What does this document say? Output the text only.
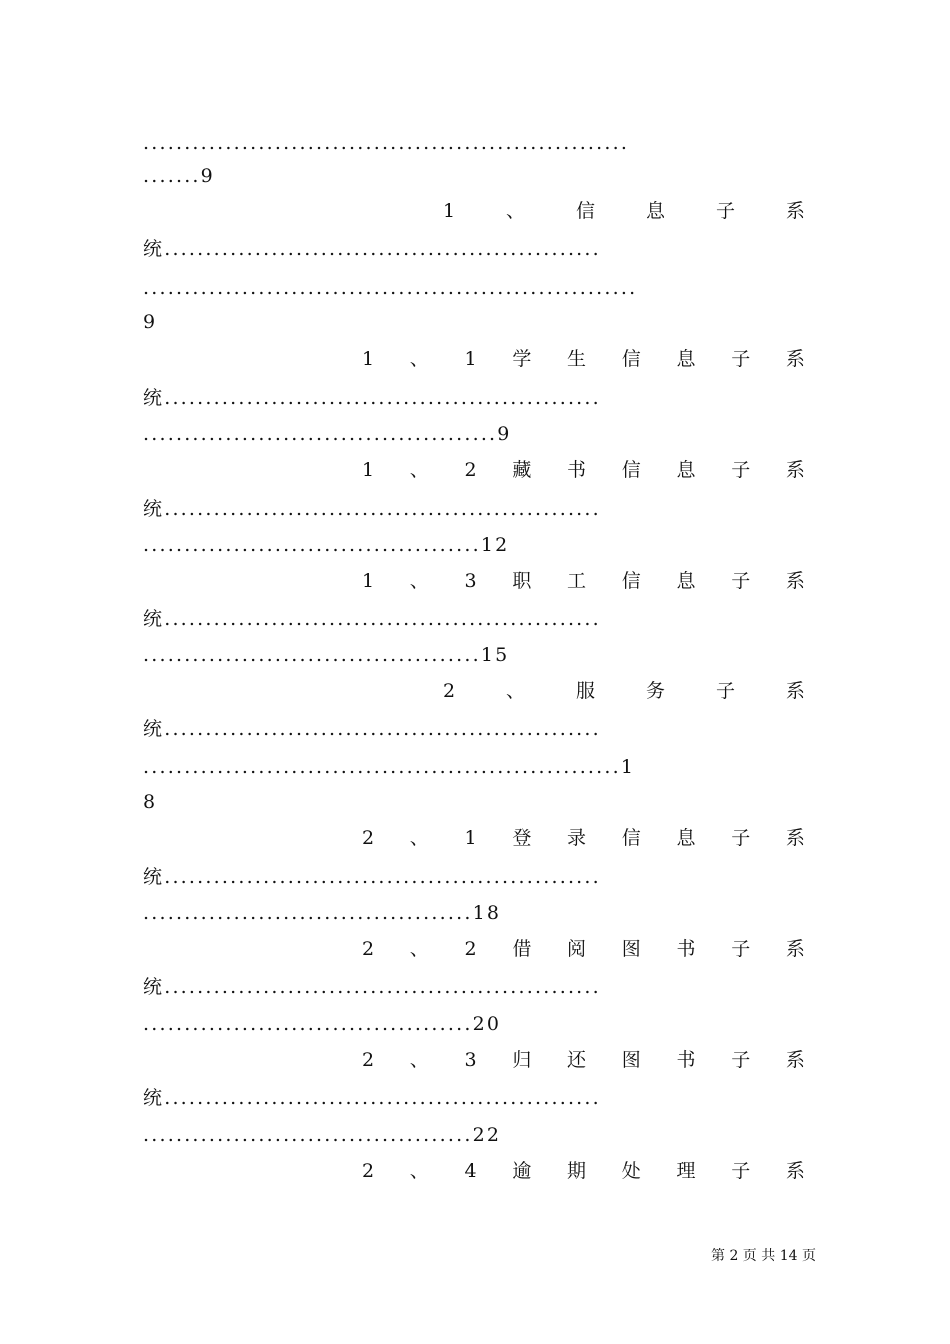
...........................................................
.......9
1	、	信	息	子	系
统.....................................................
............................................................
9
1 、 1 学 生 信 息 子 系
统.....................................................
...........................................9
1 、 2 藏 书 信 息 子 系
统.....................................................
.........................................12
1 、 3 职 工 信 息 子 系
统.....................................................
.........................................15
2	、	服	务	子	系
统.....................................................
..........................................................1
8
2 、 1 登 录 信 息 子 系
统.....................................................
........................................18
2 、 2 借 阅 图 书 子 系
统.....................................................
........................................20
2 、 3 归 还 图 书 子 系
统.....................................................
........................................22
2 、 4 逾 期 处 理 子 系
第 2 页 共 14 页
